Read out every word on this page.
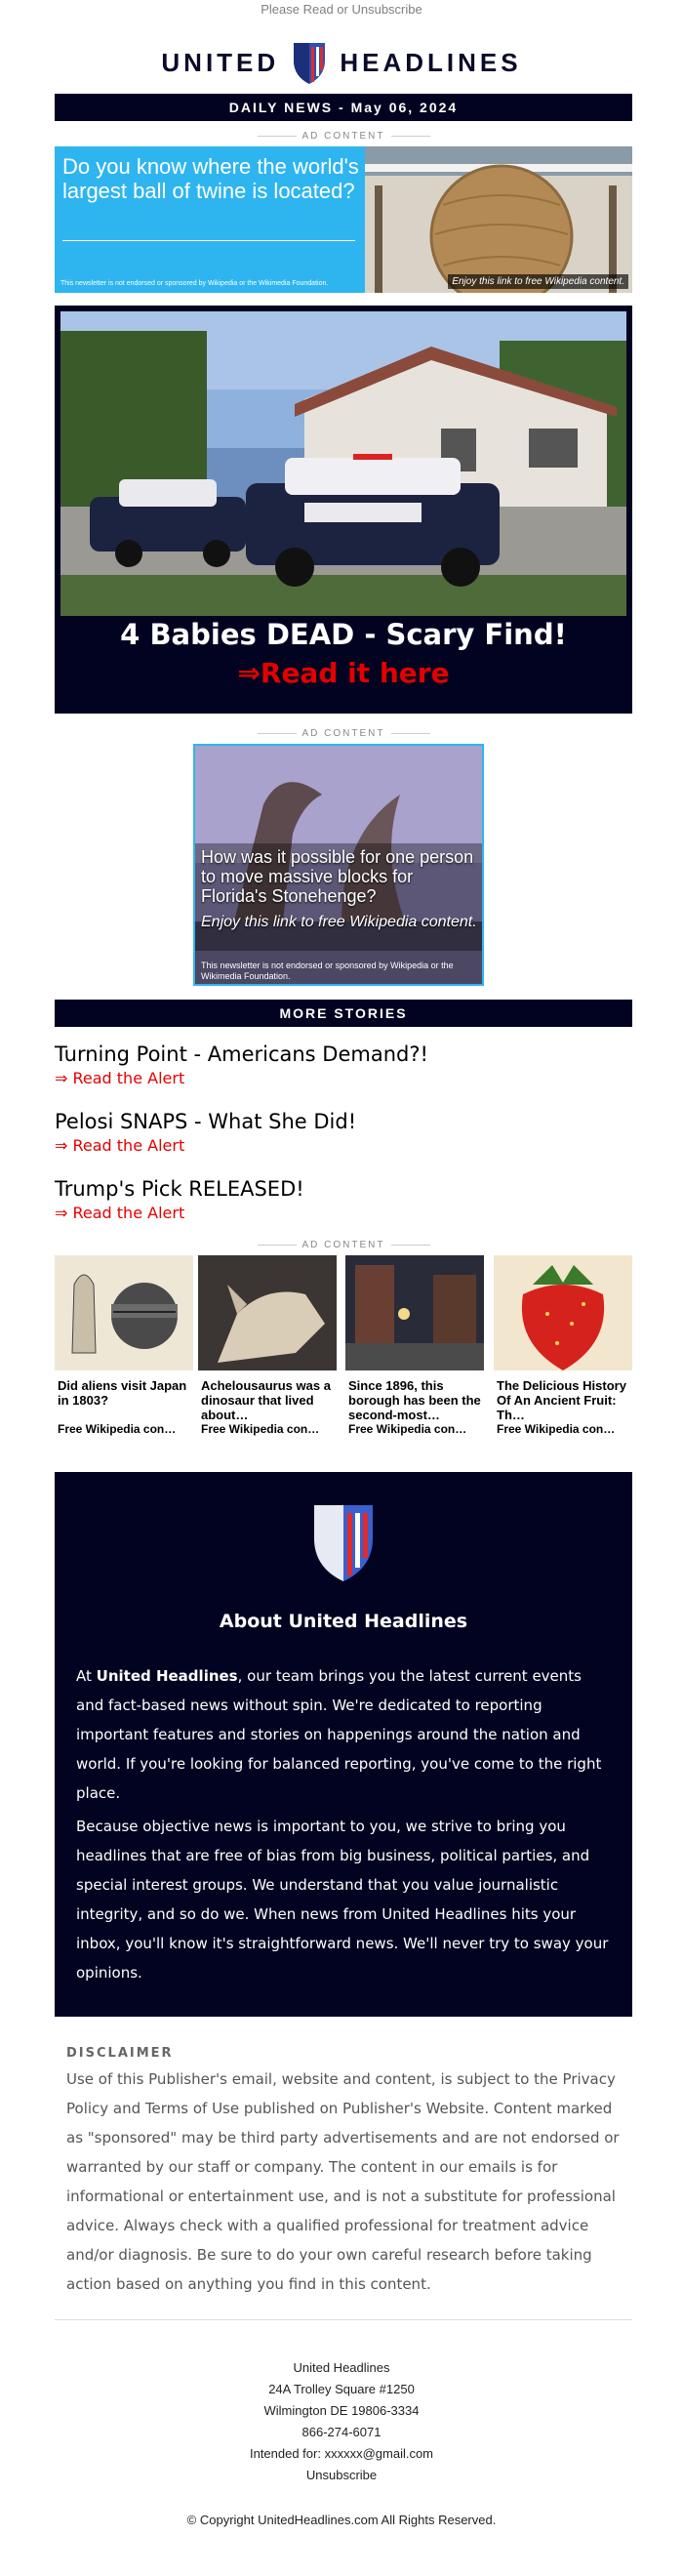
Please Read or Unsubscribe
UNITED HEADLINES
DAILY NEWS - May 06, 2024
AD CONTENT
Do you know where the world's largest ball of twine is located?
This newsletter is not endorsed or sponsored by Wikipedia or the Wikimedia Foundation.	Enjoy this link to free Wikipedia content.
4 Babies DEAD - Scary Find!
⇒Read it here
AD CONTENT
How was it possible for one person to move massive blocks for Florida's Stonehenge?
Enjoy this link to free Wikipedia content.
This newsletter is not endorsed or sponsored by Wikipedia or the Wikimedia Foundation.
MORE STORIES
Turning Point - Americans Demand?!
⇒ Read the Alert
Pelosi SNAPS - What She Did!
⇒ Read the Alert
Trump's Pick RELEASED!
⇒ Read the Alert
AD CONTENT
Did aliens visit Japan in 1803?
Free Wikipedia con…
Achelousaurus was a dinosaur that lived about…
Free Wikipedia con…
Since 1896, this borough has been the second-most…
Free Wikipedia con…
The Delicious History Of An Ancient Fruit: Th…
Free Wikipedia con…
About United Headlines

At United Headlines, our team brings you the latest current events and fact-based news without spin. We're dedicated to reporting important features and stories on happenings around the nation and world. If you're looking for balanced reporting, you've come to the right place.

Because objective news is important to you, we strive to bring you headlines that are free of bias from big business, political parties, and special interest groups. We understand that you value journalistic integrity, and so do we. When news from United Headlines hits your inbox, you'll know it's straightforward news. We'll never try to sway your opinions.

DISCLAIMER
Use of this Publisher's email, website and content, is subject to the Privacy Policy and Terms of Use published on Publisher's Website. Content marked as "sponsored" may be third party advertisements and are not endorsed or warranted by our staff or company. The content in our emails is for informational or entertainment use, and is not a substitute for professional advice. Always check with a qualified professional for treatment advice and/or diagnosis. Be sure to do your own careful research before taking action based on anything you find in this content.
United Headlines
24A Trolley Square #1250
Wilmington DE 19806-3334
866-274-6071
Intended for: xxxxxx@gmail.com
Unsubscribe
© Copyright UnitedHeadlines.com All Rights Reserved.
